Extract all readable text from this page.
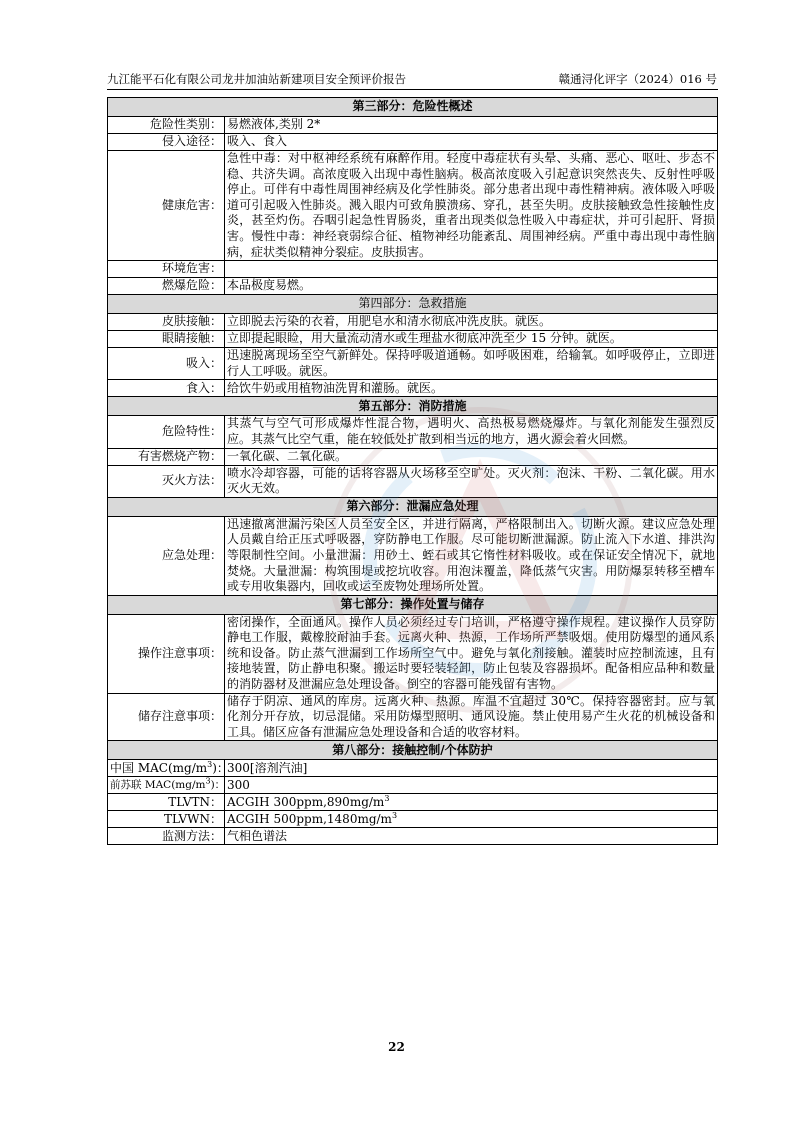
九江能平石化有限公司龙井加油站新建项目安全预评价报告	赣通浔化评字（2024）016 号
第三部分：危险性概述	
危险性类别：	易燃液体,类别 2*
侵入途径：	吸入、食入
健康危害：	急性中毒：对中枢神经系统有麻醉作用。轻度中毒症状有头晕、头痛、恶心、呕吐、步态不稳、共济失调。高浓度吸入出现中毒性脑病。极高浓度吸入引起意识突然丧失、反射性呼吸停止。可伴有中毒性周围神经病及化学性肺炎。部分患者出现中毒性精神病。液体吸入呼吸道可引起吸入性肺炎。溅入眼内可致角膜溃疡、穿孔，甚至失明。皮肤接触致急性接触性皮炎，甚至灼伤。吞咽引起急性胃肠炎，重者出现类似急性吸入中毒症状，并可引起肝、肾损害。慢性中毒：神经衰弱综合征、植物神经功能紊乱、周围神经病。严重中毒出现中毒性脑病，症状类似精神分裂症。皮肤损害。
环境危害：	
燃爆危险：	本品极度易燃。
第四部分：急救措施	
皮肤接触：	立即脱去污染的衣着，用肥皂水和清水彻底冲洗皮肤。就医。
眼睛接触：	立即提起眼睑，用大量流动清水或生理盐水彻底冲洗至少 15 分钟。就医。
吸入：	迅速脱离现场至空气新鲜处。保持呼吸道通畅。如呼吸困难，给输氧。如呼吸停止，立即进行人工呼吸。就医。
食入：	给饮牛奶或用植物油洗胃和灌肠。就医。
第五部分：消防措施	
危险特性：	其蒸气与空气可形成爆炸性混合物，遇明火、高热极易燃烧爆炸。与氧化剂能发生强烈反应。其蒸气比空气重，能在较低处扩散到相当远的地方，遇火源会着火回燃。
有害燃烧产物：	一氧化碳、二氧化碳。
灭火方法：	喷水冷却容器，可能的话将容器从火场移至空旷处。灭火剂：泡沫、干粉、二氧化碳。用水灭火无效。
第六部分：泄漏应急处理	
应急处理：	迅速撤离泄漏污染区人员至安全区，并进行隔离，严格限制出入。切断火源。建议应急处理人员戴自给正压式呼吸器，穿防静电工作服。尽可能切断泄漏源。防止流入下水道、排洪沟等限制性空间。小量泄漏：用砂土、蛭石或其它惰性材料吸收。或在保证安全情况下，就地焚烧。大量泄漏：构筑围堤或挖坑收容。用泡沫覆盖，降低蒸气灾害。用防爆泵转移至槽车或专用收集器内，回收或运至废物处理场所处置。
第七部分：操作处置与储存	
操作注意事项：	密闭操作，全面通风。操作人员必须经过专门培训，严格遵守操作规程。建议操作人员穿防静电工作服，戴橡胶耐油手套。远离火种、热源，工作场所严禁吸烟。使用防爆型的通风系统和设备。防止蒸气泄漏到工作场所空气中。避免与氧化剂接触。灌装时应控制流速，且有接地装置，防止静电积聚。搬运时要轻装轻卸，防止包装及容器损坏。配备相应品种和数量的消防器材及泄漏应急处理设备。倒空的容器可能残留有害物。
储存注意事项：	储存于阴凉、通风的库房。远离火种、热源。库温不宜超过 30℃。保持容器密封。应与氧化剂分开存放，切忌混储。采用防爆型照明、通风设施。禁止使用易产生火花的机械设备和工具。储区应备有泄漏应急处理设备和合适的收容材料。
第八部分：接触控制/个体防护	
中国 $MAC(mg/m^3)$：	300[溶剂汽油]
前苏联 $MAC(mg/m^3)$：	300
TLVTN：	ACGIH $300ppm,890mg/m^3$
TLVWN：	ACGIH $500ppm,1480mg/m^3$
监测方法：	气相色谱法
22
